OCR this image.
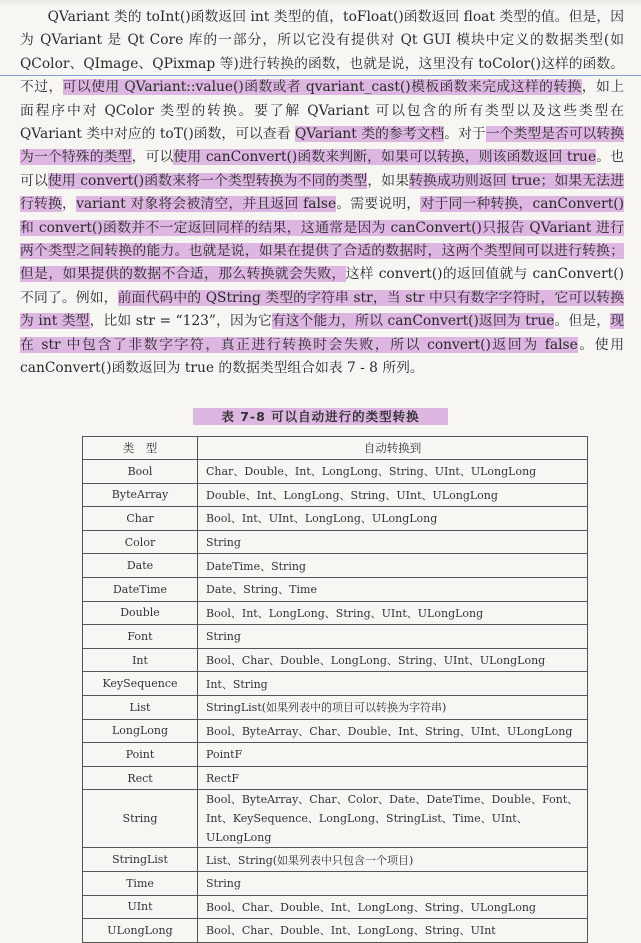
QVariant 类的 toInt()函数返回 int 类型的值，toFloat()函数返回 float 类型的值。但是，因为 QVariant 是 Qt Core 库的一部分，所以它没有提供对 Qt GUI 模块中定义的数据类型(如 QColor、QImage、QPixmap 等)进行转换的函数，也就是说，这里没有 toColor()这样的函数。不过，可以使用 QVariant::value()函数或者 qvariant_cast()模板函数来完成这样的转换，如上面程序中对 QColor 类型的转换。要了解 QVariant 可以包含的所有类型以及这些类型在 QVariant 类中对应的 toT()函数，可以查看 QVariant 类的参考文档。对于一个类型是否可以转换为一个特殊的类型，可以使用 canConvert()函数来判断，如果可以转换，则该函数返回 true。也可以使用 convert()函数来将一个类型转换为不同的类型，如果转换成功则返回 true；如果无法进行转换，variant 对象将会被清空，并且返回 false。需要说明，对于同一种转换，canConvert()和 convert()函数并不一定返回同样的结果，这通常是因为 canConvert()只报告 QVariant 进行两个类型之间转换的能力。也就是说，如果在提供了合适的数据时，这两个类型间可以进行转换；但是，如果提供的数据不合适，那么转换就会失败，这样 convert()的返回值就与 canConvert()不同了。例如，前面代码中的 QString 类型的字符串 str，当 str 中只有数字字符时，它可以转换为 int 类型，比如 str = “123”，因为它有这个能力，所以 canConvert()返回为 true。但是，现在 str 中包含了非数字字符，真正进行转换时会失败，所以 convert()返回为 false。使用 canConvert()函数返回为 true 的数据类型组合如表 7 - 8 所列。

表 7-8 可以自动进行的类型转换
类　型	自动转换到
Bool	Char、Double、Int、LongLong、String、UInt、ULongLong
ByteArray	Double、Int、LongLong、String、UInt、ULongLong
Char	Bool、Int、UInt、LongLong、ULongLong
Color	String
Date	DateTime、String
DateTime	Date、String、Time
Double	Bool、Int、LongLong、String、UInt、ULongLong
Font	String
Int	Bool、Char、Double、LongLong、String、UInt、ULongLong
KeySequence	Int、String
List	StringList(如果列表中的项目可以转换为字符串)
LongLong	Bool、ByteArray、Char、Double、Int、String、UInt、ULongLong
Point	PointF
Rect	RectF
String	Bool、ByteArray、Char、Color、Date、DateTime、Double、Font、Int、KeySequence、LongLong、StringList、Time、UInt、ULongLong
StringList	List、String(如果列表中只包含一个项目)
Time	String
UInt	Bool、Char、Double、Int、LongLong、String、ULongLong
ULongLong	Bool、Char、Double、Int、LongLong、String、UInt
